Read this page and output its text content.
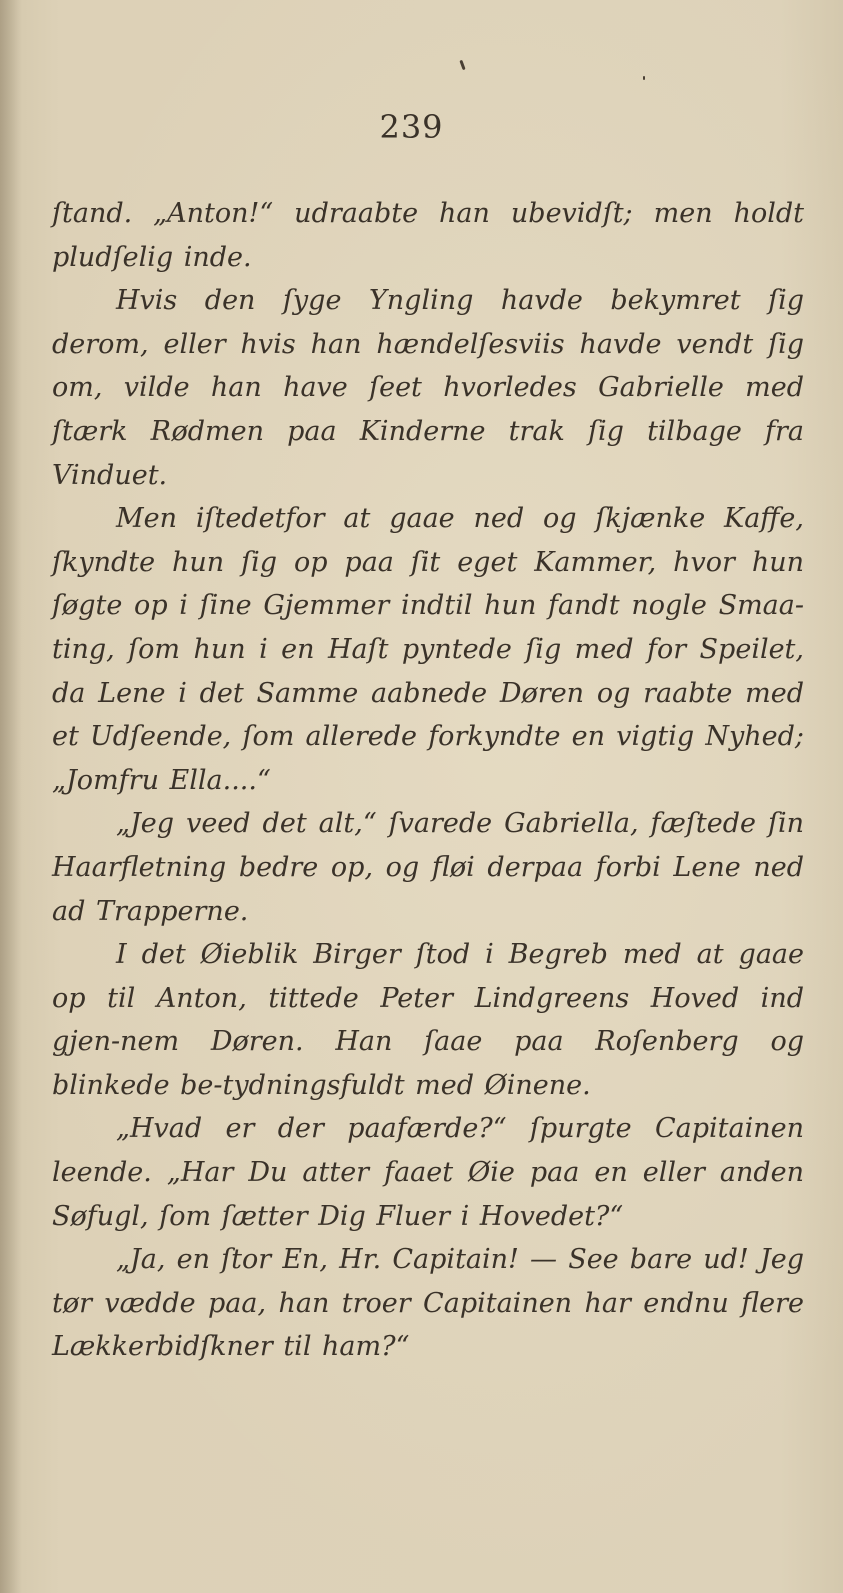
239

ſtand. „Anton!“ udraabte han ubevidſt; men holdt pludſelig inde.

Hvis den ſyge Yngling havde bekymret ſig derom, eller hvis han hændelſesviis havde vendt ſig om, vilde han have ſeet hvorledes Gabrielle med ſtærk Rødmen paa Kinderne trak ſig tilbage fra Vinduet.

Men iſtedetfor at gaae ned og ſkjænke Kaffe, ſkyndte hun ſig op paa ſit eget Kammer, hvor hun ſøgte op i ſine Gjemmer indtil hun fandt nogle Smaa-ting, ſom hun i en Haſt pyntede ſig med for Speilet, da Lene i det Samme aabnede Døren og raabte med et Udſeende, ſom allerede forkyndte en vigtig Nyhed; „Jomfru Ella....“

„Jeg veed det alt,“ ſvarede Gabriella, fæſtede ſin Haarfletning bedre op, og fløi derpaa forbi Lene ned ad Trapperne.

I det Øieblik Birger ſtod i Begreb med at gaae op til Anton, tittede Peter Lindgreens Hoved ind gjen-nem Døren. Han ſaae paa Roſenberg og blinkede be-tydningsfuldt med Øinene.

„Hvad er der paafærde?“ ſpurgte Capitainen leende. „Har Du atter faaet Øie paa en eller anden Søfugl, ſom ſætter Dig Fluer i Hovedet?“

„Ja, en ſtor En, Hr. Capitain! — See bare ud! Jeg tør vædde paa, han troer Capitainen har endnu flere Lækkerbidſkner til ham?“
